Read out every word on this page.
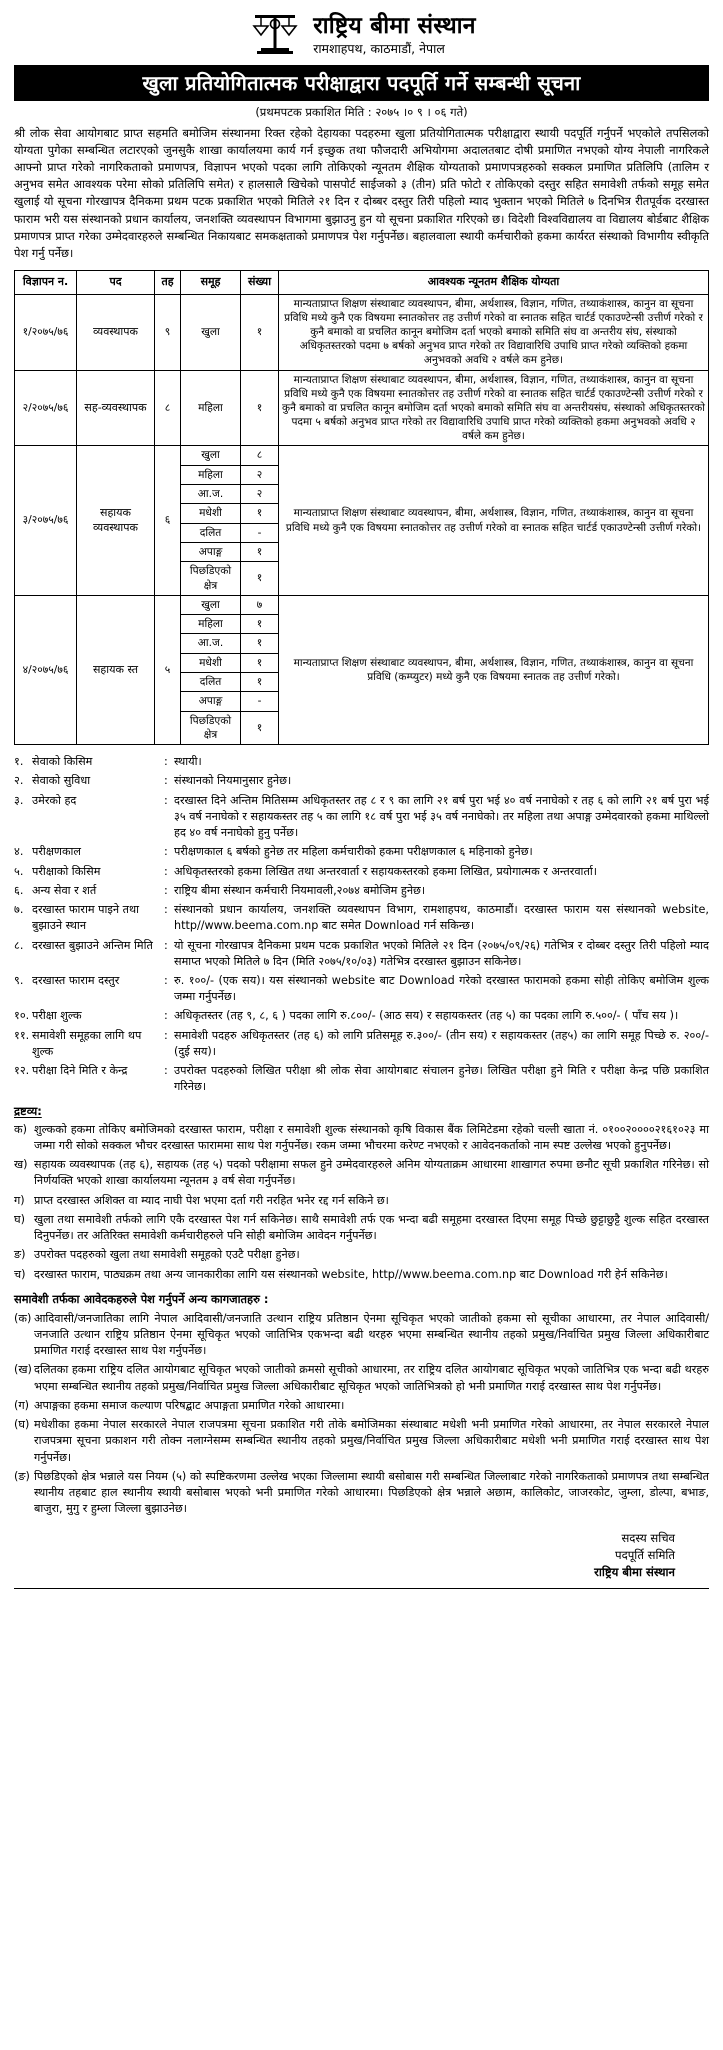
राष्ट्रिय बीमा संस्थान
रामशाहपथ, काठमाडौं, नेपाल
खुला प्रतियोगितात्मक परीक्षाद्वारा पदपूर्ति गर्ने सम्बन्धी सूचना
(प्रथमपटक प्रकाशित मिति : २०७५ ।० ९ । ०६ गते)
श्री लोक सेवा आयोगबाट प्राप्त सहमति बमोजिम संस्थानमा रिक्त रहेको देहायका पदहरुमा खुला प्रतियोगितात्मक परीक्षाद्वारा स्थायी पदपूर्ति गर्नुपर्ने भएकोले तपसिलको योग्यता पुगेका सम्बन्धित लटारएको जुनसुकै शाखा कार्यालयमा कार्य गर्न इच्छुक तथा फौजदारी अभियोगमा अदालतबाट दोषी प्रमाणित नभएको योग्य नेपाली नागरिकले आफ्नो प्राप्त गरेको नागरिकताको प्रमाणपत्र, विज्ञापन भएको पदका लागि तोकिएको न्यूनतम शैक्षिक योग्यताको प्रमाणपत्रहरुको सक्कल प्रमाणित प्रतिलिपि (तालिम र अनुभव समेत आवश्यक परेमा सोको प्रतिलिपि समेत) र हालसालै खिचेको पासपोर्ट साईजको ३ (तीन) प्रति फोटो र तोकिएको दस्तुर सहित समावेशी तर्फको समूह समेत खुलाई यो सूचना गोरखापत्र दैनिकमा प्रथम पटक प्रकाशित भएको मितिले २१ दिन र दोब्बर दस्तुर तिरी पहिलो म्याद भुक्तान भएको मितिले ७ दिनभित्र रीतपूर्वक दरखास्त फाराम भरी यस संस्थानको प्रधान कार्यालय, जनशक्ति व्यवस्थापन विभागमा बुझाउनु हुन यो सूचना प्रकाशित गरिएको छ। विदेशी विश्वविद्यालय वा विद्यालय बोर्डबाट शैक्षिक प्रमाणपत्र प्राप्त गरेका उम्मेदवारहरुले सम्बन्धित निकायबाट समकक्षताको प्रमाणपत्र पेश गर्नुपर्नेछ। बहालवाला स्थायी कर्मचारीको हकमा कार्यरत संस्थाको विभागीय स्वीकृति पेश गर्नु पर्नेछ।
विज्ञापन न.	पद	तह	समूह	संख्या	आवश्यक न्यूनतम शैक्षिक योग्यता
१/२०७५/७६	व्यवस्थापक	९	खुला	१	मान्यताप्राप्त शिक्षण संस्थाबाट व्यवस्थापन, बीमा, अर्थशास्त्र, विज्ञान, गणित, तथ्याकंशास्त्र, कानुन वा सूचना प्रविधि मध्ये कुनै एक विषयमा स्नातकोत्तर तह उत्तीर्ण गरेको वा स्नातक सहित चार्टर्ड एकाउण्टेन्सी उत्तीर्ण गरेको र कुनै बमाको वा प्रचलित कानून बमोजिम दर्ता भएको बमाको समिति संघ वा अन्तरीय संघ, संस्थाको अधिकृतस्तरको पदमा ७ बर्षको अनुभव प्राप्त गरेको तर विद्यावारिधि उपाधि प्राप्त गरेको व्यक्तिको हकमा अनुभवको अवधि २ वर्षले कम हुनेछ।
२/२०७५/७६	सह-व्यवस्थापक	८	महिला	१	मान्यताप्राप्त शिक्षण संस्थाबाट व्यवस्थापन, बीमा, अर्थशास्त्र, विज्ञान, गणित, तथ्याकंशास्त्र, कानुन वा सूचना प्रविधि मध्ये कुनै एक विषयमा स्नातकोत्तर तह उत्तीर्ण गरेको वा स्नातक सहित चार्टर्ड एकाउण्टेन्सी उत्तीर्ण गरेको र कुनै बमाको वा प्रचलित कानून बमोजिम दर्ता भएको बमाको समिति संघ वा अन्तरीयसंघ, संस्थाको अधिकृतस्तरको पदमा ५ बर्षको अनुभव प्राप्त गरेको तर विद्यावारिधि उपाधि प्राप्त गरेको व्यक्तिको हकमा अनुभवको अवधि २ वर्षले कम हुनेछ।
३/२०७५/७६	सहायक व्यवस्थापक	६	खुला	८	मान्यताप्राप्त शिक्षण संस्थाबाट व्यवस्थापन, बीमा, अर्थशास्त्र, विज्ञान, गणित, तथ्याकंशास्त्र, कानुन वा सूचना प्रविधि मध्ये कुनै एक विषयमा स्नातकोत्तर तह उत्तीर्ण गरेको वा स्नातक सहित चार्टर्ड एकाउण्टेन्सी उत्तीर्ण गरेको।
			महिला	२	
			आ.ज.	२	
			मधेशी	१	
			दलित	-	
			अपाङ्ग	१	
			पिछडिएको क्षेत्र	१	
४/२०७५/७६	सहायक स्त	५	खुला	७	मान्यताप्राप्त शिक्षण संस्थाबाट व्यवस्थापन, बीमा, अर्थशास्त्र, विज्ञान, गणित, तथ्याकंशास्त्र, कानुन वा सूचना प्रविधि (कम्प्युटर) मध्ये कुनै एक विषयमा स्नातक तह उत्तीर्ण गरेको।
			महिला	१	
			आ.ज.	१	
			मधेशी	१	
			दलित	१	
			अपाङ्ग	-	
			पिछडिएको क्षेत्र	१	
१. सेवाको किसिम	: स्थायी।
२. सेवाको सुविधा	: संस्थानको नियमानुसार हुनेछ।
३. उमेरको हद	: दरखास्त दिने अन्तिम मितिसम्म अधिकृतस्तर तह ८ र ९ का लागि २१ बर्ष पुरा भई ४० वर्ष ननाघेको र तह ६ को लागि २१ बर्ष पुरा भई ३५ वर्ष ननाघेको र सहायकस्तर तह ५ का लागि १८ वर्ष पुरा भई ३५ वर्ष ननाघेको। तर महिला तथा अपाङ्ग उम्मेदवारको हकमा माथिल्लो हद ४० वर्ष ननाघेको हुनु पर्नेछ।
४. परीक्षणकाल	: परीक्षणकाल ६ बर्षको हुनेछ तर महिला कर्मचारीको हकमा परीक्षणकाल ६ महिनाको हुनेछ।
५. परीक्षाको किसिम	: अधिकृतस्तरको हकमा लिखित तथा अन्तरवार्ता र सहायकस्तरको हकमा लिखित, प्रयोगात्मक र अन्तरवार्ता।
६. अन्य सेवा र शर्त	: राष्ट्रिय बीमा संस्थान कर्मचारी नियमावली,२०७४ बमोजिम हुनेछ।
७. दरखास्त फाराम पाइने तथा बुझाउने स्थान
: संस्थानको प्रधान कार्यालय, जनशक्ति व्यवस्थापन विभाग, रामशाहपथ, काठमाडौं। दरखास्त फाराम यस संस्थानको website, http//www.beema.com.np बाट समेत Download गर्न सकिन्छ।
८. दरखास्त बुझाउने अन्तिम मिति : यो सूचना गोरखापत्र दैनिकमा प्रथम पटक प्रकाशित भएको मितिले २१ दिन (२०७५/०९/२६) गतेभित्र र दोब्बर दस्तुर तिरी पहिलो म्याद समाप्त भएको मितिले ७ दिन (मिति २०७५/१०/०३) गतेभित्र दरखास्त बुझाउन सकिनेछ।
९. दरखास्त फाराम दस्तुर	: रु. १००/- (एक सय)। यस संस्थानको website बाट Download गरेको दरखास्त फारामको हकमा सोही तोकिए बमोजिम शुल्क जम्मा गर्नुपर्नेछ।
१०. परीक्षा शुल्क	: अधिकृतस्तर (तह ९, ८, ६ ) पदका लागि रु.८००/- (आठ सय) र सहायकस्तर (तह ५) का पदका लागि रु.५००/- ( पाँच सय )।
११. समावेशी समूहका लागि थप शुल्क
: समावेशी पदहरु अधिकृतस्तर (तह ६) को लागि प्रतिसमूह रु.३००/- (तीन सय) र सहायकस्तर (तह५) का लागि समूह पिच्छे रु. २००/- (दुई सय)।
१२. परीक्षा दिने मिति र केन्द्र	: उपरोक्त पदहरुको लिखित परीक्षा श्री लोक सेवा आयोगबाट संचालन हुनेछ। लिखित परीक्षा हुने मिति र परीक्षा केन्द्र पछि प्रकाशित गरिनेछ।
द्रष्टव्य:
क) शुल्कको हकमा तोकिए बमोजिमको दरखास्त फाराम, परीक्षा र समावेशी शुल्क संस्थानको कृषि विकास बैंक लिमिटेडमा रहेको चल्ती खाता नं. ०१००२००००२१६१०२३ मा जम्मा गरी सोको सक्कल भौचर दरखास्त फाराममा साथ पेश गर्नुपर्नेछ। रकम जम्मा भौचरमा करेण्ट नभएको र आवेदनकर्ताको नाम स्पष्ट उल्लेख भएको हुनुपर्नेछ।
ख) सहायक व्यवस्थापक (तह ६), सहायक (तह ५) पदको परीक्षामा सफल हुने उम्मेदवारहरुले अनिम योग्यताक्रम आधारमा शाखागत रुपमा छनौट सूची प्रकाशित गरिनेछ। सो निर्णयक्ति भएको शाखा कार्यालयमा न्यूनतम ३ वर्ष सेवा गर्नुपर्नेछ।
ग) प्राप्त दरखास्त अशिक्त वा म्याद नाघी पेश भएमा दर्ता गरी नरहित भनेर रद्द गर्न सकिने छ।
घ) खुला तथा समावेशी तर्फको लागि एकै दरखास्त पेश गर्न सकिनेछ। साथै समावेशी तर्फ एक भन्दा बढी समूहमा दरखास्त दिएमा समूह पिच्छे छुट्टाछुट्टै शुल्क सहित दरखास्त दिनुपर्नेछ। तर अतिरिक्त समावेशी कर्मचारीहरुले पनि सोही बमोजिम आवेदन गर्नुपर्नेछ।
ङ) उपरोक्त पदहरुको खुला तथा समावेशी समूहको एउटै परीक्षा हुनेछ।
च) दरखास्त फाराम, पाठ्यक्रम तथा अन्य जानकारीका लागि यस संस्थानको website, http//www.beema.com.np बाट Download गरी हेर्न सकिनेछ।
समावेशी तर्फका आवेदकहरुले पेश गर्नुपर्ने अन्य कागजातहरु :
(क) आदिवासी/जनजातिका लागि नेपाल आदिवासी/जनजाति उत्थान राष्ट्रिय प्रतिष्ठान ऐनमा सूचिकृत भएको जातीको हकमा सो सूचीका आधारमा, तर नेपाल आदिवासी/जनजाति उत्थान राष्ट्रिय प्रतिष्ठान ऐनमा सूचिकृत भएको जातिभित्र एकभन्दा बढी थरहरु भएमा सम्बन्धित स्थानीय तहको प्रमुख/निर्वाचित प्रमुख जिल्ला अधिकारीबाट प्रमाणित गराई दरखास्त साथ पेश गर्नुपर्नेछ।
(ख) दलितका हकमा राष्ट्रिय दलित आयोगबाट सूचिकृत भएको जातीको क्रमसो सूचीको आधारमा, तर राष्ट्रिय दलित आयोगबाट सूचिकृत भएको जातिभित्र एक भन्दा बढी थरहरु भएमा सम्बन्धित स्थानीय तहको प्रमुख/निर्वाचित प्रमुख जिल्ला अधिकारीबाट सूचिकृत भएको जातिभित्रको हो भनी प्रमाणित गराई दरखास्त साथ पेश गर्नुपर्नेछ।
(ग) अपाङ्गका हकमा समाज कल्याण परिषद्बाट अपाङ्गता प्रमाणित गरेको आधारमा।
(घ) मधेशीका हकमा नेपाल सरकारले नेपाल राजपत्रमा सूचना प्रकाशित गरी तोके बमोजिमका संस्थाबाट मधेशी भनी प्रमाणित गरेको आधारमा, तर नेपाल सरकारले नेपाल राजपत्रमा सूचना प्रकाशन गरी तोक्न नलाग्नेसम्म सम्बन्धित स्थानीय तहको प्रमुख/निर्वाचित प्रमुख जिल्ला अधिकारीबाट मधेशी भनी प्रमाणित गराई दरखास्त साथ पेश गर्नुपर्नेछ।
(ङ) पिछडिएको क्षेत्र भन्नाले यस नियम (५) को स्पष्टिकरणमा उल्लेख भएका जिल्लामा स्थायी बसोबास गरी सम्बन्धित जिल्लाबाट गरेको नागरिकताको प्रमाणपत्र तथा सम्बन्धित स्थानीय तहबाट हाल स्थानीय स्थायी बसोबास भएको भनी प्रमाणित गरेको आधारमा। पिछडिएको क्षेत्र भन्नाले अछाम, कालिकोट, जाजरकोट, जुम्ला, डोल्पा, बभाङ, बाजुरा, मुगु र हुम्ला जिल्ला बुझाउनेछ।
सदस्य सचिव
पदपूर्ति समिति
राष्ट्रिय बीमा संस्थान
